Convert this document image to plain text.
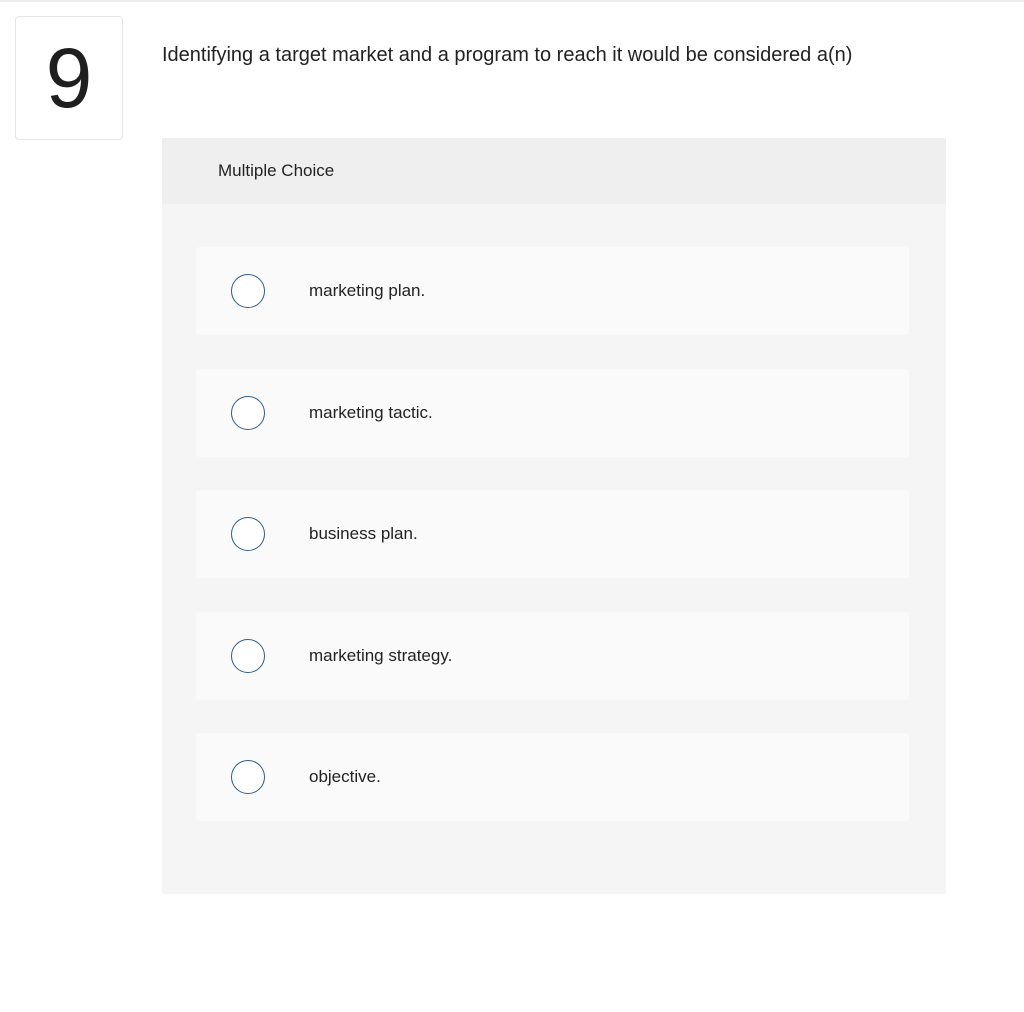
9	Identifying a target market and a program to reach it would be considered a(n)
Multiple Choice
marketing plan.
marketing tactic.
business plan.
marketing strategy.
objective.
